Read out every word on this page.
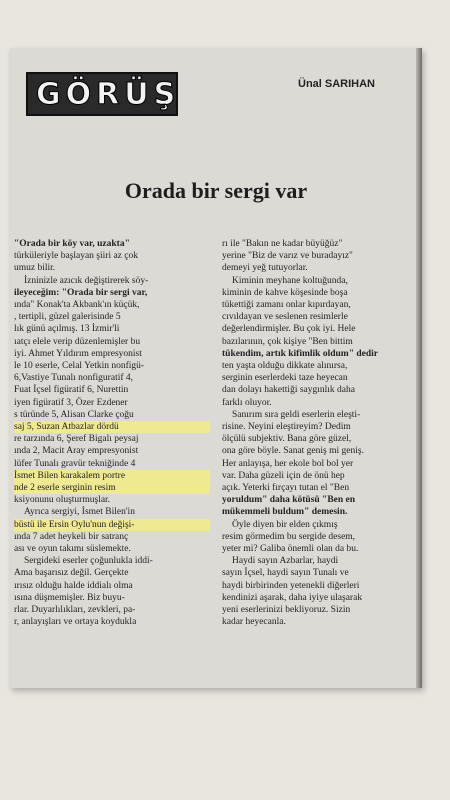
GÖRÜŞ	Ünal SARIHAN
Orada bir sergi var
"Orada bir köy var, uzakta"
türküleriyle başlayan şiiri az çok
umuz bilir.
İzninizle azıcık değiştirerek söy-
ileyeceğim: "Orada bir sergi var,
ında" Konak'ta Akbank'ın küçük,
, tertipli, güzel galerisinde 5
lık günü açılmış. 13 İzmir'li
ıatçı elele verip düzenlemişler bu
iyi. Ahmet Yıldırım empresyonist
le 10 eserle, Celal Yetkin nonfigü-
6,Vastiye Tunalı nonfiguratif 4,
Fuat İçsel figüratif 6, Nurettin
iyen figüratif 3, Özer Ezdener
s türünde 5, Alisan Clarke çoğu
saj 5, Suzan Atbazlar dördü
re tarzında 6, Şeref Bigalı peysaj
ında 2, Macit Aray empresyonist
lüfer Tunalı gravür tekniğinde 4
İsmet Bilen karakalem portre
nde 2 eserle serginin resim
ksiyonunu oluşturmuşlar.
Ayrıca sergiyi, İsmet Bilen'in
büstü ile Ersin Oylu'nun değişi-
ında 7 adet heykeli bir satranç
ası ve oyun takımı süslemekte.
Sergideki eserler çoğunlukla iddi-
Ama başarısız değil. Gerçekte
ırısız olduğu halde iddialı olma
ısına düşmemişler. Biz buyu-
rlar. Duyarlılıkları, zevkleri, pa-
r, anlayışları ve ortaya koydukla
rı ile "Bakın ne kadar büyüğüz"
yerine "Biz de varız ve buradayız"
demeyi yeğ tutuyorlar.
Kiminin meyhane koltuğunda,
kiminin de kahve köşesinde boşa
tükettiği zamanı onlar kıpırdayan,
cıvıldayan ve seslenen resimlerle
değerlendirmişler. Bu çok iyi. Hele
bazılarının, çok kişiye "Ben bittim
tükendim, artık kifimlik oldum" dedir
ten yaşta olduğu dikkate alınırsa,
serginin eserlerdeki taze heyecan
dan dolayı hakettiği saygınlık daha
farklı oluyor.
Sanırım sıra geldi eserlerin eleşti-
risine. Neyini eleştireyim? Dedim
ölçülü subjektiv. Bana göre güzel,
ona göre böyle. Sanat geniş mi geniş.
Her anlayışa, her ekole bol bol yer
var. Daha güzeli için de önü hep
açık. Yeterki fırçayı tutan el "Ben
yoruldum" daha kötüsü "Ben en
mükemmeli buldum" demesin.
Öyle diyen bir elden çıkmış
resim görmedim bu sergide desem,
yeter mi? Galiba önemli olan da bu.
Haydi sayın Azbarlar, haydi
sayın İçsel, haydi sayın Tunalı ve
haydi birbirinden yetenekli diğerleri
kendinizi aşarak, daha iyiye ulaşarak
yeni eserlerinizi bekliyoruz. Sizin
kadar heyecanla.
